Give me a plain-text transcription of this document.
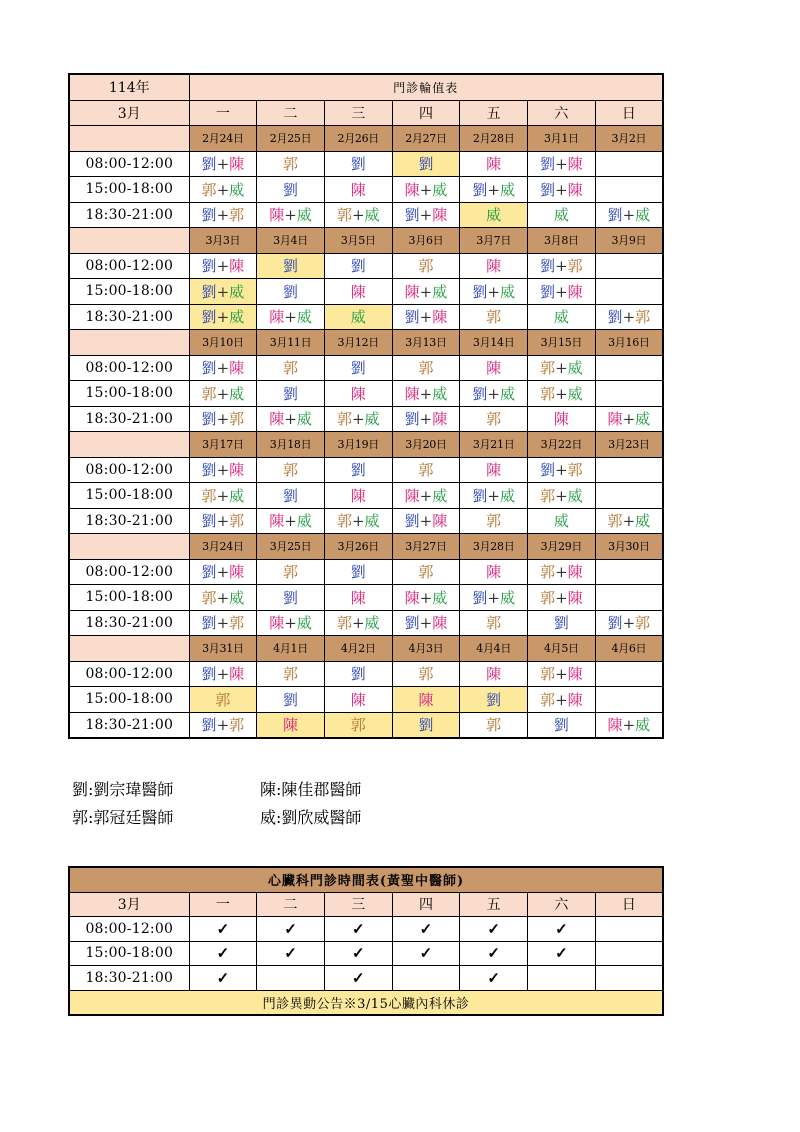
114年	門診輪值表						
3月	一	二	三	四	五	六	日
	2月24日	2月25日	2月26日	2月27日	2月28日	3月1日	3月2日
08:00-12:00	劉+陳	郭	劉	劉	陳	劉+陳	
15:00-18:00	郭+威	劉	陳	陳+威	劉+威	劉+陳	
18:30-21:00	劉+郭	陳+威	郭+威	劉+陳	威	威	劉+威
	3月3日	3月4日	3月5日	3月6日	3月7日	3月8日	3月9日
08:00-12:00	劉+陳	劉	劉	郭	陳	劉+郭	
15:00-18:00	劉+威	劉	陳	陳+威	劉+威	劉+陳	
18:30-21:00	劉+威	陳+威	威	劉+陳	郭	威	劉+郭
	3月10日	3月11日	3月12日	3月13日	3月14日	3月15日	3月16日
08:00-12:00	劉+陳	郭	劉	郭	陳	郭+威	
15:00-18:00	郭+威	劉	陳	陳+威	劉+威	郭+威	
18:30-21:00	劉+郭	陳+威	郭+威	劉+陳	郭	陳	陳+威
	3月17日	3月18日	3月19日	3月20日	3月21日	3月22日	3月23日
08:00-12:00	劉+陳	郭	劉	郭	陳	劉+郭	
15:00-18:00	郭+威	劉	陳	陳+威	劉+威	郭+威	
18:30-21:00	劉+郭	陳+威	郭+威	劉+陳	郭	威	郭+威
	3月24日	3月25日	3月26日	3月27日	3月28日	3月29日	3月30日
08:00-12:00	劉+陳	郭	劉	郭	陳	郭+陳	
15:00-18:00	郭+威	劉	陳	陳+威	劉+威	郭+陳	
18:30-21:00	劉+郭	陳+威	郭+威	劉+陳	郭	劉	劉+郭
	3月31日	4月1日	4月2日	4月3日	4月4日	4月5日	4月6日
08:00-12:00	劉+陳	郭	劉	郭	陳	郭+陳	
15:00-18:00	郭	劉	陳	陳	劉	郭+陳	
18:30-21:00	劉+郭	陳	郭	劉	郭	劉	陳+威
劉:劉宗瑋醫師	陳:陳佳郡醫師
郭:郭冠廷醫師	威:劉欣威醫師
心臟科門診時間表(黃聖中醫師)							
3月	一	二	三	四	五	六	日
08:00-12:00	✓	✓	✓	✓	✓	✓	
15:00-18:00	✓	✓	✓	✓	✓	✓	
18:30-21:00	✓		✓		✓		
門診異動公告※3/15心臟內科休診							
